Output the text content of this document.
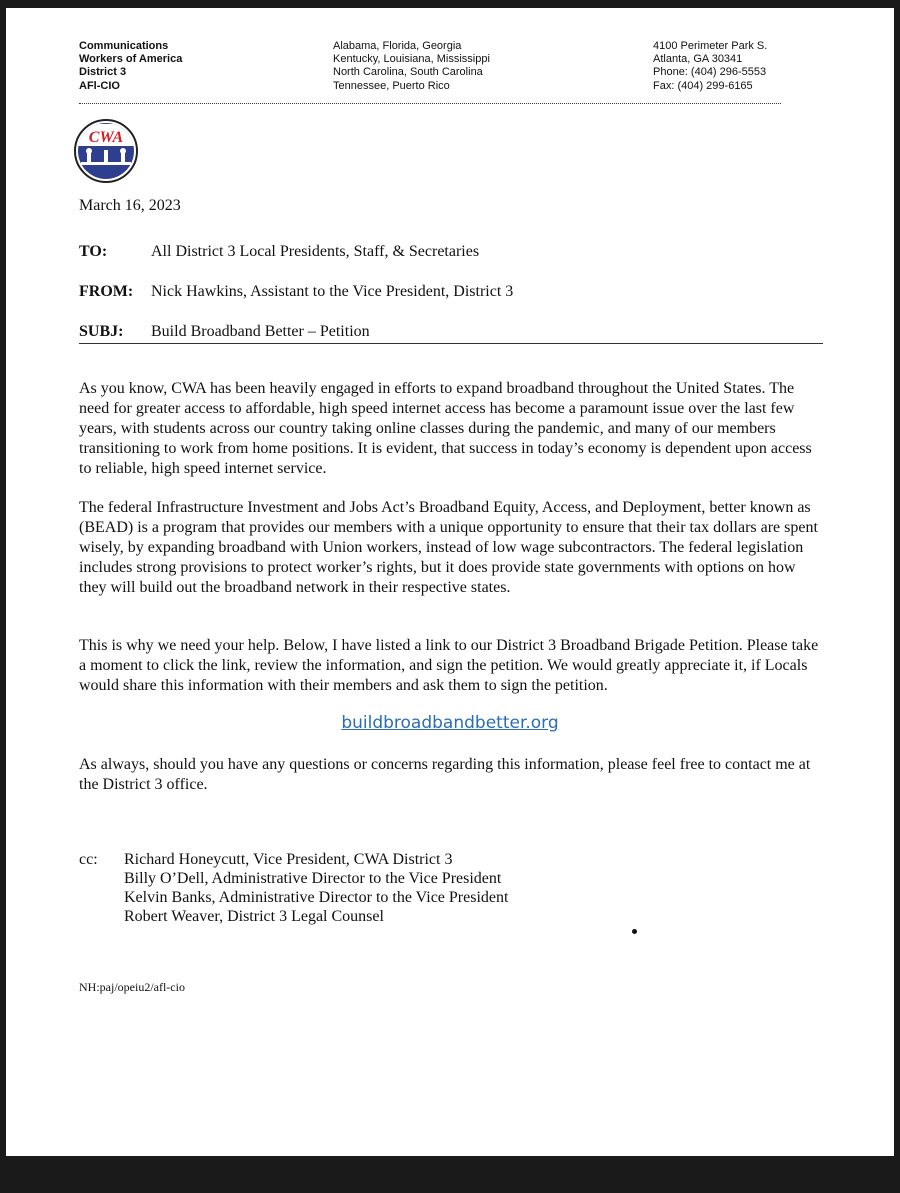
Communications
Workers of America
District 3
AFl-CIO
Alabama, Florida, Georgia
Kentucky, Louisiana, Mississippi
North Carolina, South Carolina
Tennessee, Puerto Rico
4100 Perimeter Park S.
Atlanta, GA 30341
Phone: (404) 296-5553
Fax: (404) 299-6165
CWA
March 16, 2023
TO:	All District 3 Local Presidents, Staff, & Secretaries
FROM: Nick Hawkins, Assistant to the Vice President, District 3
SUBJ: Build Broadband Better – Petition

As you know, CWA has been heavily engaged in efforts to expand broadband throughout the United States. The need for greater access to affordable, high speed internet access has become a paramount issue over the last few years, with students across our country taking online classes during the pandemic, and many of our members transitioning to work from home positions. It is evident, that success in today’s economy is dependent upon access to reliable, high speed internet service.

The federal Infrastructure Investment and Jobs Act’s Broadband Equity, Access, and Deployment, better known as (BEAD) is a program that provides our members with a unique opportunity to ensure that their tax dollars are spent wisely, by expanding broadband with Union workers, instead of low wage subcontractors. The federal legislation includes strong provisions to protect worker’s rights, but it does provide state governments with options on how they will build out the broadband network in their respective states.

This is why we need your help. Below, I have listed a link to our District 3 Broadband Brigade Petition. Please take a moment to click the link, review the information, and sign the petition. We would greatly appreciate it, if Locals would share this information with their members and ask them to sign the petition.

buildbroadbandbetter.org

As always, should you have any questions or concerns regarding this information, please feel free to contact me at the District 3 office.

cc: Richard Honeycutt, Vice President, CWA District 3
Billy O’Dell, Administrative Director to the Vice President
Kelvin Banks, Administrative Director to the Vice President
Robert Weaver, District 3 Legal Counsel
NH:paj/opeiu2/afl-cio
